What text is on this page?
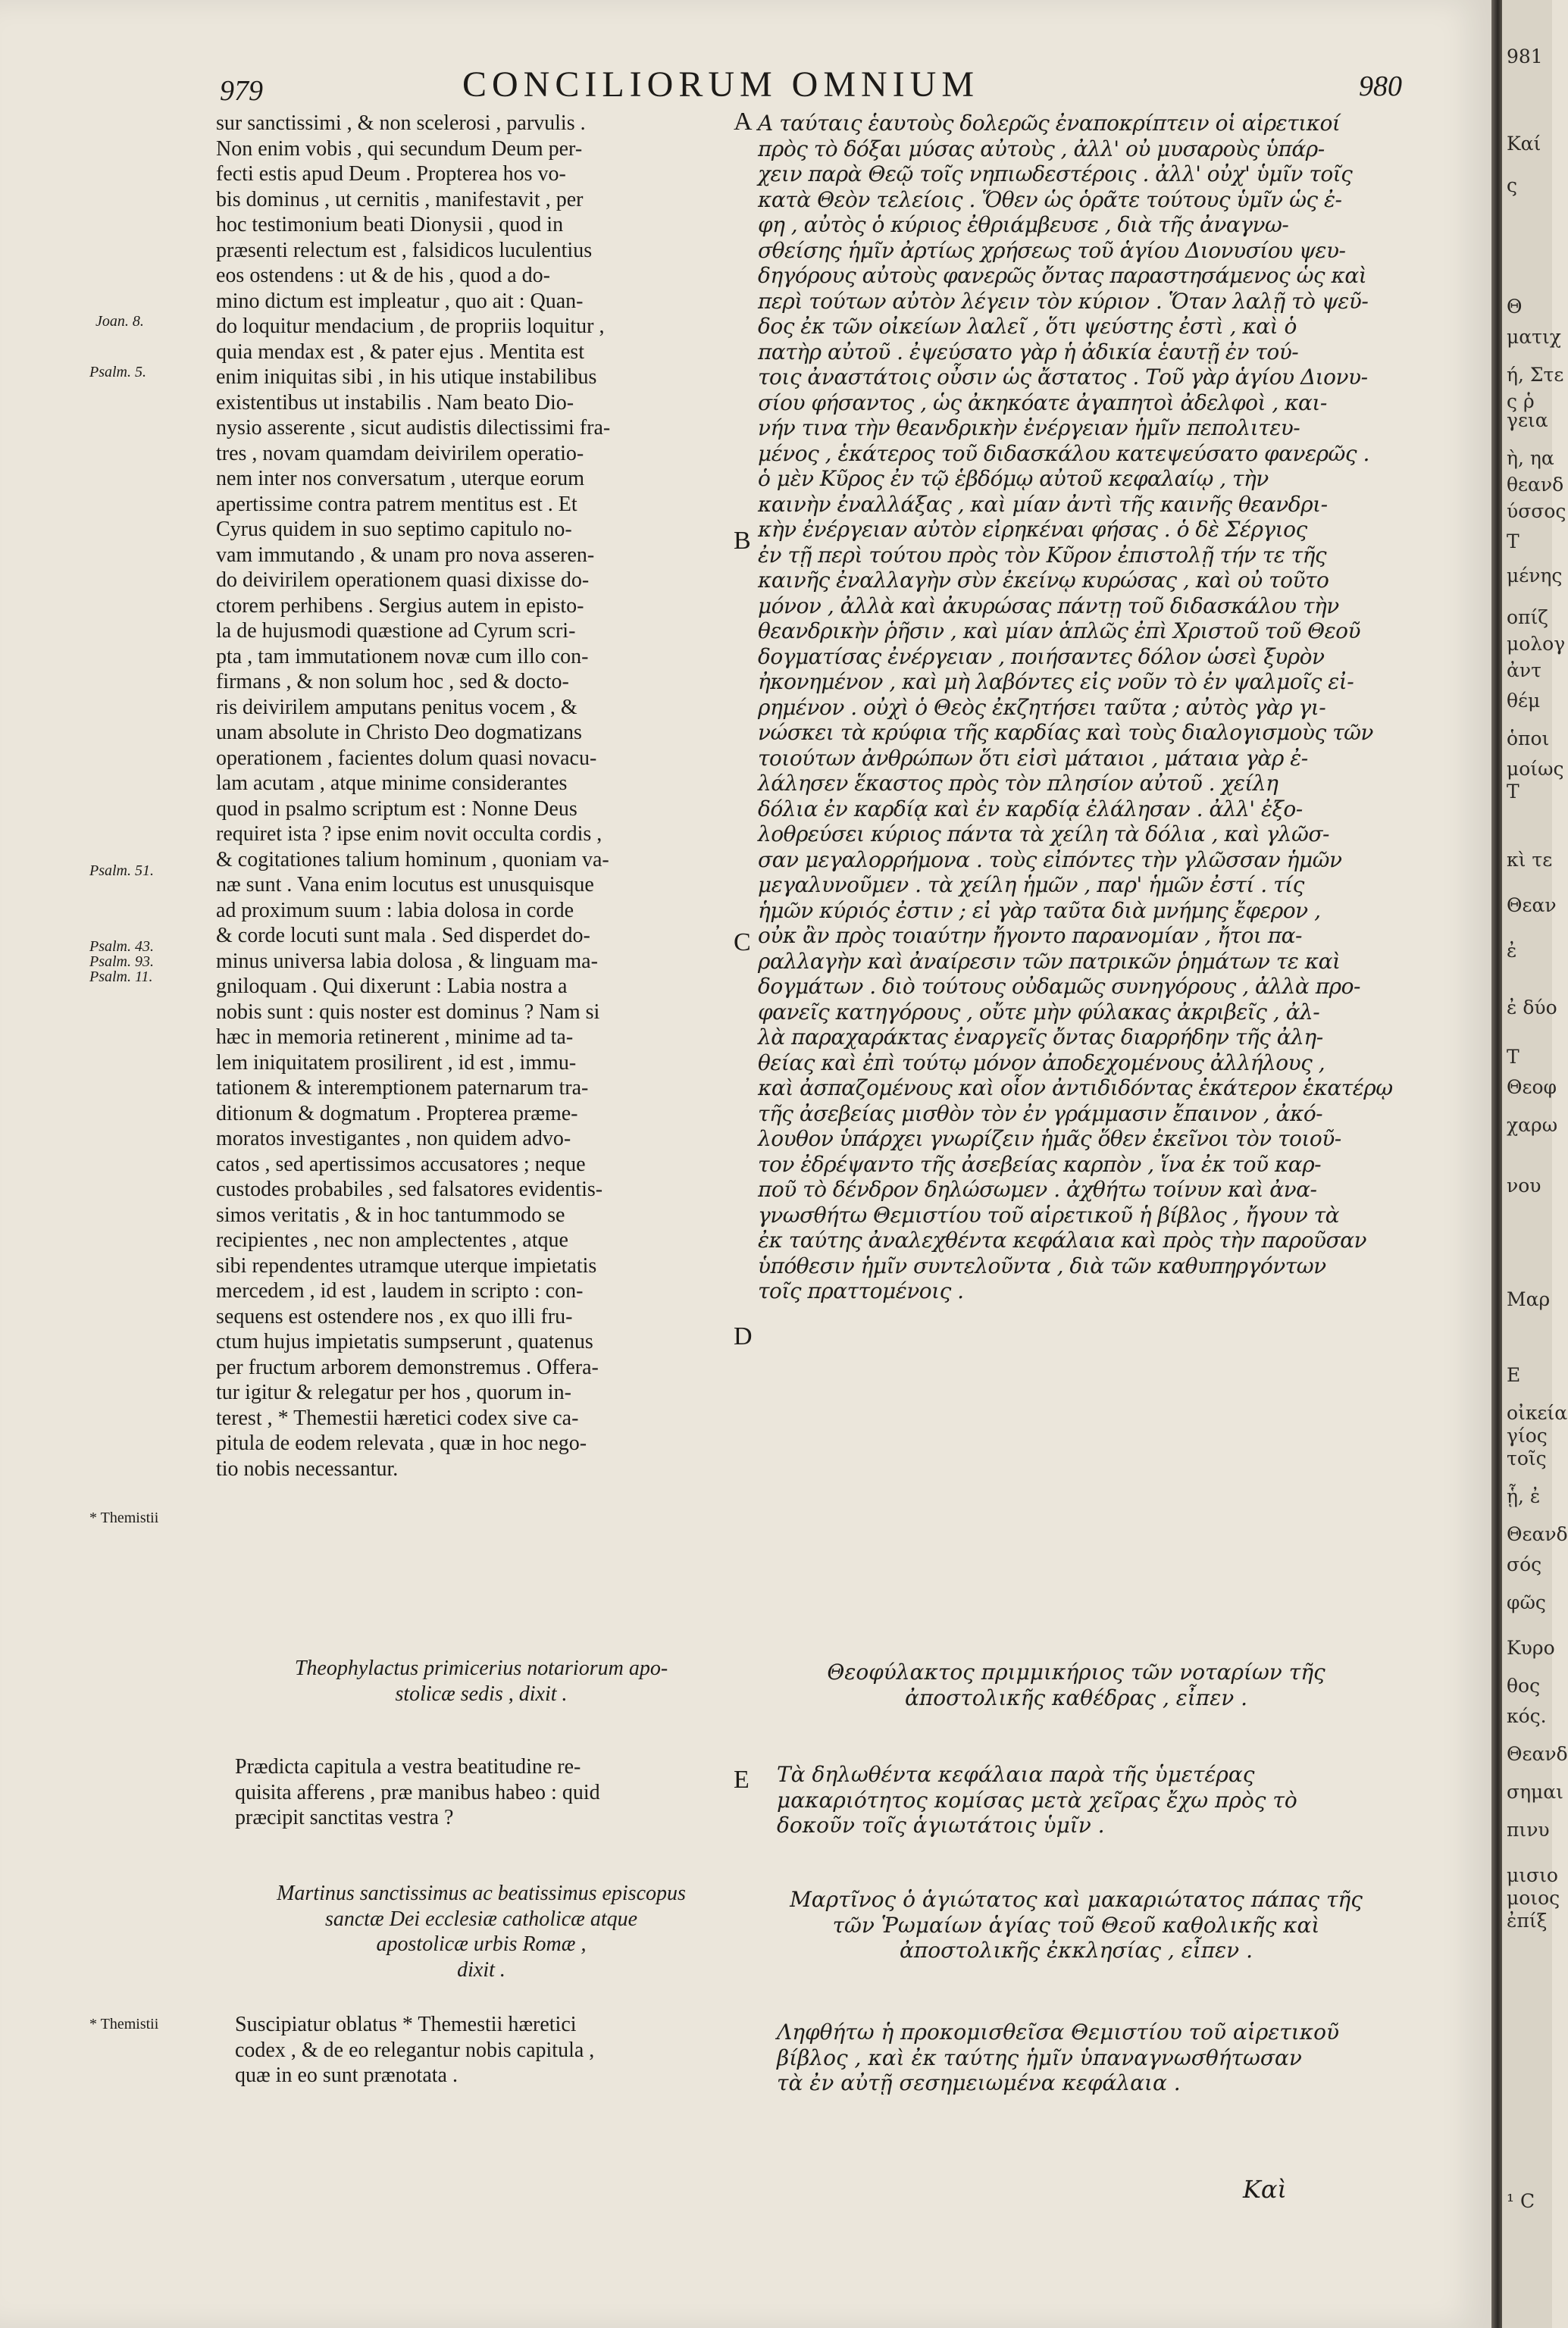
979	CONCILIORUM OMNIUM	980
sur sanctissimi , & non scelerosi , parvulis .
Non enim vobis , qui secundum Deum per-
fecti estis apud Deum . Propterea hos vo-
bis dominus , ut cernitis , manifestavit , per
hoc testimonium beati Dionysii , quod in
præsenti relectum est , falsidicos luculentius
eos ostendens : ut & de his , quod a do-
mino dictum est impleatur , quo ait : Quan-
do loquitur mendacium , de propriis loquitur ,
quia mendax est , & pater ejus . Mentita est
enim iniquitas sibi , in his utique instabilibus
existentibus ut instabilis . Nam beato Dio-
nysio asserente , sicut audistis dilectissimi fra-
tres , novam quamdam deivirilem operatio-
nem inter nos conversatum , uterque eorum
apertissime contra patrem mentitus est . Et
Cyrus quidem in suo septimo capitulo no-
vam immutando , & unam pro nova asseren-
do deivirilem operationem quasi dixisse do-
ctorem perhibens . Sergius autem in episto-
la de hujusmodi quæstione ad Cyrum scri-
pta , tam immutationem novæ cum illo con-
firmans , & non solum hoc , sed & docto-
ris deivirilem amputans penitus vocem , &
unam absolute in Christo Deo dogmatizans
operationem , facientes dolum quasi novacu-
lam acutam , atque minime considerantes
quod in psalmo scriptum est : Nonne Deus
requiret ista ? ipse enim novit occulta cordis ,
& cogitationes talium hominum , quoniam va-
næ sunt . Vana enim locutus est unusquisque
ad proximum suum : labia dolosa in corde
& corde locuti sunt mala . Sed disperdet do-
minus universa labia dolosa , & linguam ma-
gniloquam . Qui dixerunt : Labia nostra a
nobis sunt : quis noster est dominus ? Nam si
hæc in memoria retinerent , minime ad ta-
lem iniquitatem prosilirent , id est , immu-
tationem & interemptionem paternarum tra-
ditionum & dogmatum . Propterea præme-
moratos investigantes , non quidem advo-
catos , sed apertissimos accusatores ; neque
custodes probabiles , sed falsatores evidentis-
simos veritatis , & in hoc tantummodo se
recipientes , nec non amplectentes , atque
sibi rependentes utramque uterque impietatis
mercedem , id est , laudem in scripto : con-
sequens est ostendere nos , ex quo illi fru-
ctum hujus impietatis sumpserunt , quatenus
per fructum arborem demonstremus . Offera-
tur igitur & relegatur per hos , quorum in-
terest , * Themestii hæretici codex sive ca-
pitula de eodem relevata , quæ in hoc nego-
tio nobis necessantur.
A ταύταις ἑαυτοὺς δολερῶς ἐναποκρίπτειν οἱ αἱρετικοί
πρὸς τὸ δόξαι μύσας αὐτοὺς , ἀλλ' οὐ μυσαροὺς ὑπάρ-
χειν παρὰ Θεῷ τοῖς νηπιωδεστέροις . ἀλλ' οὐχ' ὑμῖν τοῖς
κατὰ Θεὸν τελείοις . Ὅθεν ὡς ὁρᾶτε τούτους ὑμῖν ὡς ἐ-
φη , αὐτὸς ὁ κύριος ἐθριάμβευσε , διὰ τῆς ἀναγνω-
σθείσης ἡμῖν ἀρτίως χρήσεως τοῦ ἁγίου Διονυσίου ψευ-
δηγόρους αὐτοὺς φανερῶς ὄντας παραστησάμενος ὡς καὶ
περὶ τούτων αὐτὸν λέγειν τὸν κύριον . Ὅταν λαλῇ τὸ ψεῦ-
δος ἐκ τῶν οἰκείων λαλεῖ , ὅτι ψεύστης ἐστὶ , καὶ ὁ
πατὴρ αὐτοῦ . ἐψεύσατο γὰρ ἡ ἀδικία ἑαυτῇ ἐν τού-
τοις ἀναστάτοις οὖσιν ὡς ἄστατος . Τοῦ γὰρ ἁγίου Διονυ-
σίου φήσαντος , ὡς ἀκηκόατε ἀγαπητοὶ ἀδελφοὶ , και-
νήν τινα τὴν θεανδρικὴν ἐνέργειαν ἡμῖν πεπολιτευ-
μένος , ἑκάτερος τοῦ διδασκάλου κατεψεύσατο φανερῶς .
ὁ μὲν Κῦρος ἐν τῷ ἑβδόμῳ αὐτοῦ κεφαλαίῳ , τὴν
καινὴν ἐναλλάξας , καὶ μίαν ἀντὶ τῆς καινῆς θεανδρι-
κὴν ἐνέργειαν αὐτὸν εἰρηκέναι φήσας . ὁ δὲ Σέργιος
ἐν τῇ περὶ τούτου πρὸς τὸν Κῦρον ἐπιστολῇ τήν τε τῆς
καινῆς ἐναλλαγὴν σὺν ἐκείνῳ κυρώσας , καὶ οὐ τοῦτο
μόνον , ἀλλὰ καὶ ἀκυρώσας πάντῃ τοῦ διδασκάλου τὴν
θεανδρικὴν ῥῆσιν , καὶ μίαν ἁπλῶς ἐπὶ Χριστοῦ τοῦ Θεοῦ
δογματίσας ἐνέργειαν , ποιήσαντες δόλον ὡσεὶ ξυρὸν
ἠκονημένον , καὶ μὴ λαβόντες εἰς νοῦν τὸ ἐν ψαλμοῖς εἰ-
ρημένον . οὐχὶ ὁ Θεὸς ἐκζητήσει ταῦτα ; αὐτὸς γὰρ γι-
νώσκει τὰ κρύφια τῆς καρδίας καὶ τοὺς διαλογισμοὺς τῶν
τοιούτων ἀνθρώπων ὅτι εἰσὶ μάταιοι , μάταια γὰρ ἐ-
λάλησεν ἕκαστος πρὸς τὸν πλησίον αὐτοῦ . χείλη
δόλια ἐν καρδίᾳ καὶ ἐν καρδίᾳ ἐλάλησαν . ἀλλ' ἐξο-
λοθρεύσει κύριος πάντα τὰ χείλη τὰ δόλια , καὶ γλῶσ-
σαν μεγαλορρήμονα . τοὺς εἰπόντες τὴν γλῶσσαν ἡμῶν
μεγαλυνοῦμεν . τὰ χείλη ἡμῶν , παρ' ἡμῶν ἐστί . τίς
ἡμῶν κύριός ἐστιν ; εἰ γὰρ ταῦτα διὰ μνήμης ἔφερον ,
οὐκ ἂν πρὸς τοιαύτην ἤγοντο παρανομίαν , ἤτοι πα-
ραλλαγὴν καὶ ἀναίρεσιν τῶν πατρικῶν ῥημάτων τε καὶ
δογμάτων . διὸ τούτους οὐδαμῶς συνηγόρους , ἀλλὰ προ-
φανεῖς κατηγόρους , οὔτε μὴν φύλακας ἀκριβεῖς , ἀλ-
λὰ παραχαράκτας ἐναργεῖς ὄντας διαρρήδην τῆς ἀλη-
θείας καὶ ἐπὶ τούτῳ μόνον ἀποδεχομένους ἀλλήλους ,
καὶ ἀσπαζομένους καὶ οἷον ἀντιδιδόντας ἑκάτερον ἑκατέρῳ
τῆς ἀσεβείας μισθὸν τὸν ἐν γράμμασιν ἔπαινον , ἀκό-
λουθον ὑπάρχει γνωρίζειν ἡμᾶς ὅθεν ἐκεῖνοι τὸν τοιοῦ-
τον ἐδρέψαντο τῆς ἀσεβείας καρπὸν , ἵνα ἐκ τοῦ καρ-
ποῦ τὸ δένδρον δηλώσωμεν . ἀχθήτω τοίνυν καὶ ἀνα-
γνωσθήτω Θεμιστίου τοῦ αἱρετικοῦ ἡ βίβλος , ἤγουν τὰ
ἐκ ταύτης ἀναλεχθέντα κεφάλαια καὶ πρὸς τὴν παροῦσαν
ὑπόθεσιν ἡμῖν συντελοῦντα , διὰ τῶν καθυπηργόντων
τοῖς πραττομένοις .
Joan. 8.
Psalm. 5.
Psalm. 51.
Psalm. 43.
Psalm. 93.
Psalm. 11.
* Themistii
* Themistii
A
B
C
D
E
Theophylactus primicerius notariorum apo-
stolicæ sedis , dixit .
Θεοφύλακτος πριμμικήριος τῶν νοταρίων τῆς
ἀποστολικῆς καθέδρας , εἶπεν .
Prædicta capitula a vestra beatitudine re-
quisita afferens , præ manibus habeo : quid
præcipit sanctitas vestra ?
Τὰ δηλωθέντα κεφάλαια παρὰ τῆς ὑμετέρας
μακαριότητος κομίσας μετὰ χεῖρας ἔχω πρὸς τὸ
δοκοῦν τοῖς ἁγιωτάτοις ὑμῖν .
Martinus sanctissimus ac beatissimus episcopus
sanctæ Dei ecclesiæ catholicæ atque
apostolicæ urbis Romæ ,
dixit .
Μαρτῖνος ὁ ἁγιώτατος καὶ μακαριώτατος πάπας τῆς
τῶν Ῥωμαίων ἁγίας τοῦ Θεοῦ καθολικῆς καὶ
ἀποστολικῆς ἐκκλησίας , εἶπεν .
Suscipiatur oblatus * Themestii hæretici
codex , & de eo relegantur nobis capitula ,
quæ in eo sunt prænotata .
Ληφθήτω ἡ προκομισθεῖσα Θεμιστίου τοῦ αἱρετικοῦ
βίβλος , καὶ ἐκ ταύτης ἡμῖν ὑπαναγνωσθήτωσαν
τὰ ἐν αὐτῇ σεσημειωμένα κεφάλαια .
Καὶ
981
Καί
ς
Θ
ματιχ
ή, Στε
ς ῥ
γεια
ὴ, ηα
θεανδ
ύσσος
Τ
μένης
οπίζ
μολογ
ἀντ
θέμ
ὁποι
μοίως
Τ
κὶ τε
Θεαν
ἐ
ἐ δύο
Τ
Θεοφ
χαρω
νου
Μαρ
Ε
οἰκεία
γίος
τοῖς
ᾗ, ἐ
Θεανδ
σός
φῶς
Κυρο
θος
κός.
Θεανδ
σημαι
πινυ
μισιο
μοιος
ἐπίξ
¹ C
